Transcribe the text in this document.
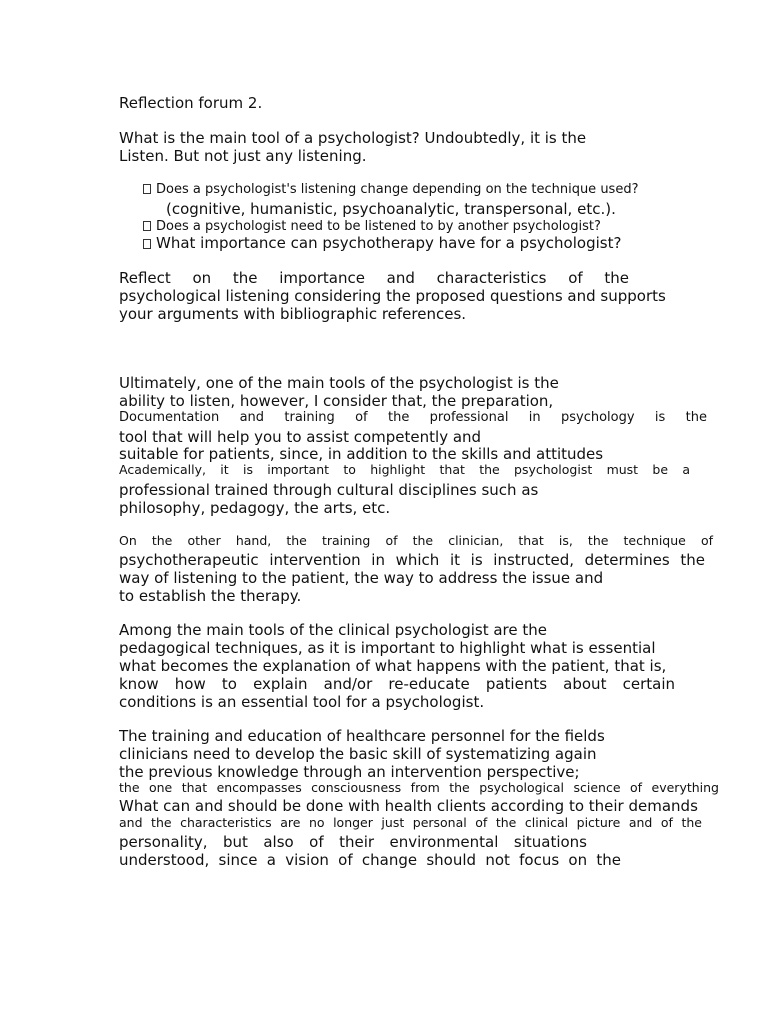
Reflection forum 2.

What is the main tool of a psychologist? Undoubtedly, it is the

Listen. But not just any listening.

Does a psychologist's listening change depending on the technique used?

(cognitive, humanistic, psychoanalytic, transpersonal, etc.).

Does a psychologist need to be listened to by another psychologist?
What importance can psychotherapy have for a psychologist?

Reflect on the importance and characteristics of the

psychological listening considering the proposed questions and supports

your arguments with bibliographic references.

Ultimately, one of the main tools of the psychologist is the

ability to listen, however, I consider that, the preparation,

Documentation and training of the professional in psychology is the

tool that will help you to assist competently and

suitable for patients, since, in addition to the skills and attitudes

Academically, it is important to highlight that the psychologist must be a

professional trained through cultural disciplines such as

philosophy, pedagogy, the arts, etc.

On the other hand, the training of the clinician, that is, the technique of

psychotherapeutic intervention in which it is instructed, determines the

way of listening to the patient, the way to address the issue and

to establish the therapy.

Among the main tools of the clinical psychologist are the

pedagogical techniques, as it is important to highlight what is essential

what becomes the explanation of what happens with the patient, that is,

know how to explain and/or re-educate patients about certain

conditions is an essential tool for a psychologist.

The training and education of healthcare personnel for the fields

clinicians need to develop the basic skill of systematizing again

the previous knowledge through an intervention perspective;

the one that encompasses consciousness from the psychological science of everything

What can and should be done with health clients according to their demands

and the characteristics are no longer just personal of the clinical picture and of the

personality, but also of their environmental situations

understood, since a vision of change should not focus on the
